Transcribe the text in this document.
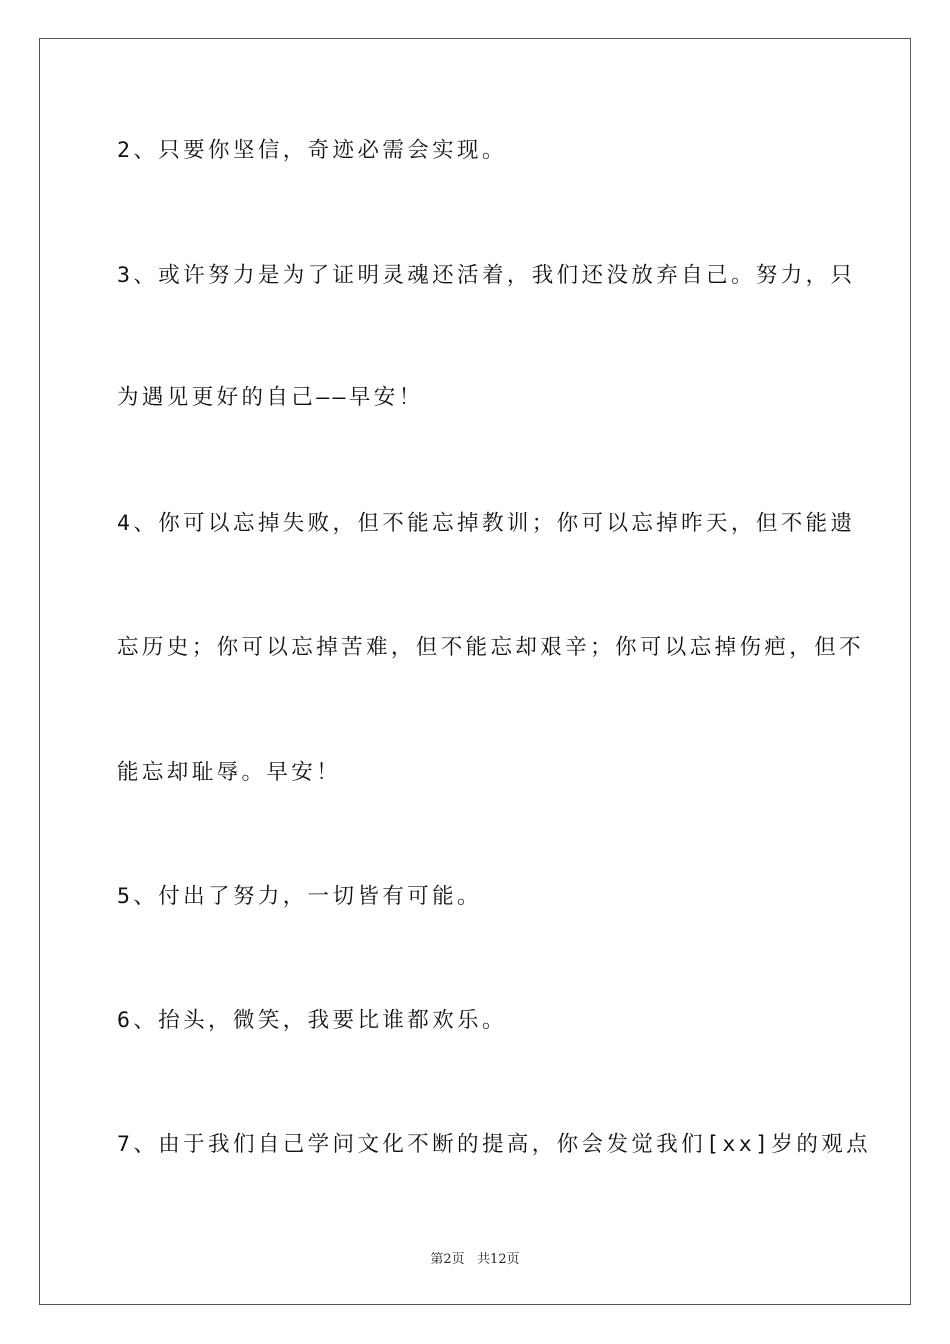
2、只要你坚信，奇迹必需会实现。
3、或许努力是为了证明灵魂还活着，我们还没放弃自己。努力，只
为遇见更好的自己——早安！
4、你可以忘掉失败，但不能忘掉教训；你可以忘掉昨天，但不能遗
忘历史；你可以忘掉苦难，但不能忘却艰辛；你可以忘掉伤疤，但不
能忘却耻辱。早安！
5、付出了努力，一切皆有可能。
6、抬头，微笑，我要比谁都欢乐。
7、由于我们自己学问文化不断的提高，你会发觉我们[xx]岁的观点
第2页   共12页
